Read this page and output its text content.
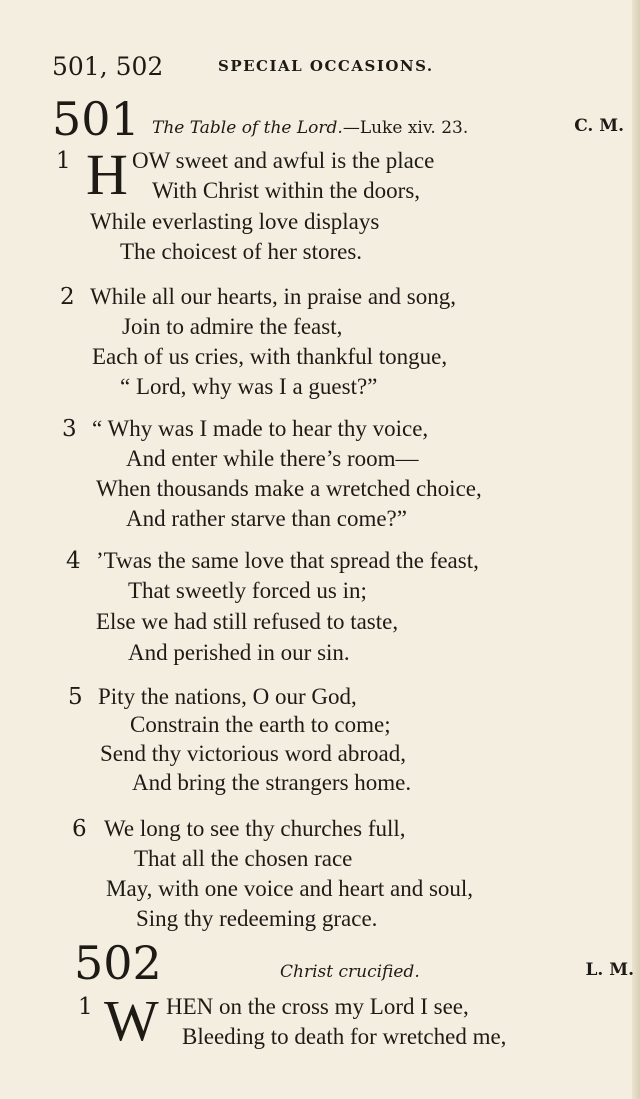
501, 502	SPECIAL OCCASIONS.
501 The Table of the Lord.—Luke xiv. 23.	C. M.
1 H OW sweet and awful is the place
With Christ within the doors,
While everlasting love displays
The choicest of her stores.
2 While all our hearts, in praise and song,
Join to admire the feast,
Each of us cries, with thankful tongue,
“ Lord, why was I a guest?”
3 “ Why was I made to hear thy voice,
And enter while there’s room—
When thousands make a wretched choice,
And rather starve than come?”
4 ’Twas the same love that spread the feast,
That sweetly forced us in;
Else we had still refused to taste,
And perished in our sin.
5 Pity the nations, O our God,
Constrain the earth to come;
Send thy victorious word abroad,
And bring the strangers home.
6 We long to see thy churches full,
That all the chosen race
May, with one voice and heart and soul,
Sing thy redeeming grace.
502	Christ crucified.	L. M.
1 W HEN on the cross my Lord I see,
Bleeding to death for wretched me,
